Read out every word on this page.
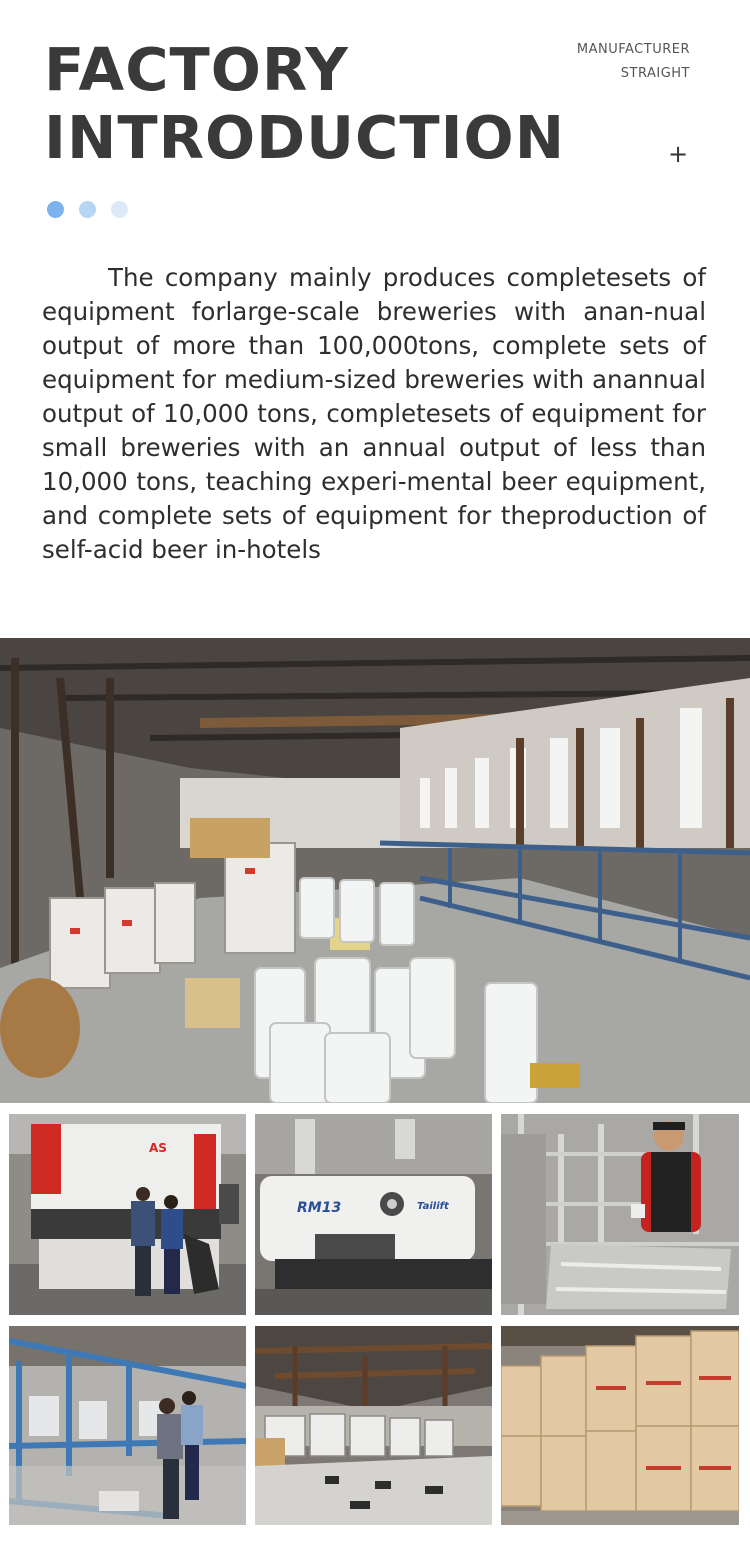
FACTORY
INTRODUCTION
MANUFACTURER
STRAIGHT
+

The company mainly produces completesets of equipment forlarge-scale breweries with anan-nual output of more than 100,000tons, complete sets of equipment for medium-sized breweries with anannual output of 10,000 tons, completesets of equipment for small breweries with an annual output of less than 10,000 tons, teaching experi-mental beer equipment, and complete sets of equipment for theproduction of self-acid beer in-hotels

AS
RM13	Tailift
